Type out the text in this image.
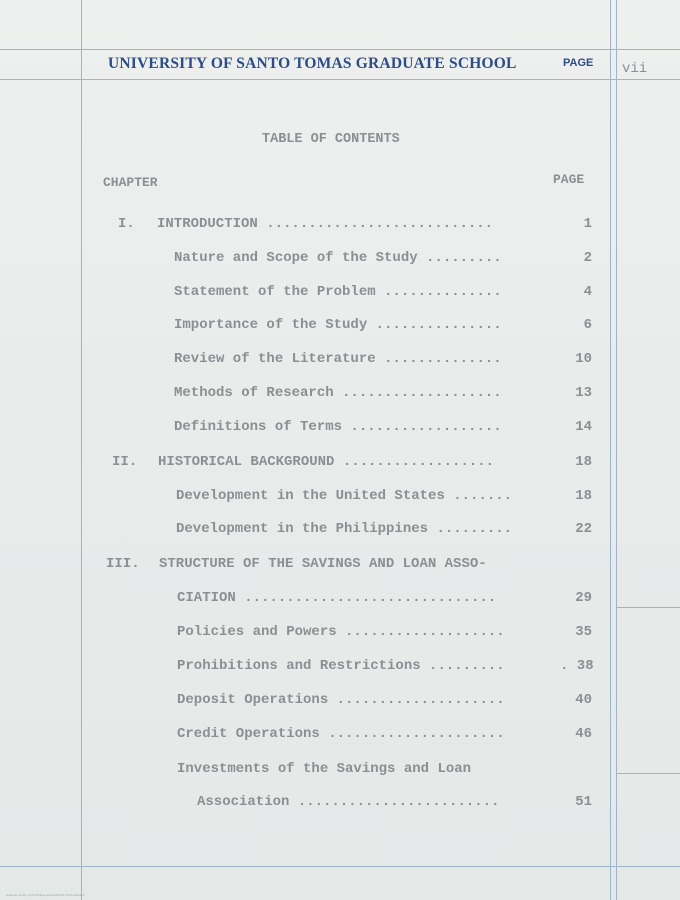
UNIVERSITY OF SANTO TOMAS GRADUATE SCHOOL	PAGE vii
TABLE OF CONTENTS
CHAPTER	PAGE
I. INTRODUCTION ...........................	1
Nature and Scope of the Study .........	2
Statement of the Problem ..............	4
Importance of the Study ...............	6
Review of the Literature ..............	10
Methods of Research ...................	13
Definitions of Terms ..................	14
II. HISTORICAL BACKGROUND ..................	18
Development in the United States .......	18
Development in the Philippines .........	22
III. STRUCTURE OF THE SAVINGS AND LOAN ASSO-
CIATION ..............................	29
Policies and Powers ...................	35
Prohibitions and Restrictions .........	. 38
Deposit Operations ....................	40
Credit Operations .....................	46
Investments of the Savings and Loan
Association ........................	51
National Library of the Philippines AUSDPR 07/unmodelled
